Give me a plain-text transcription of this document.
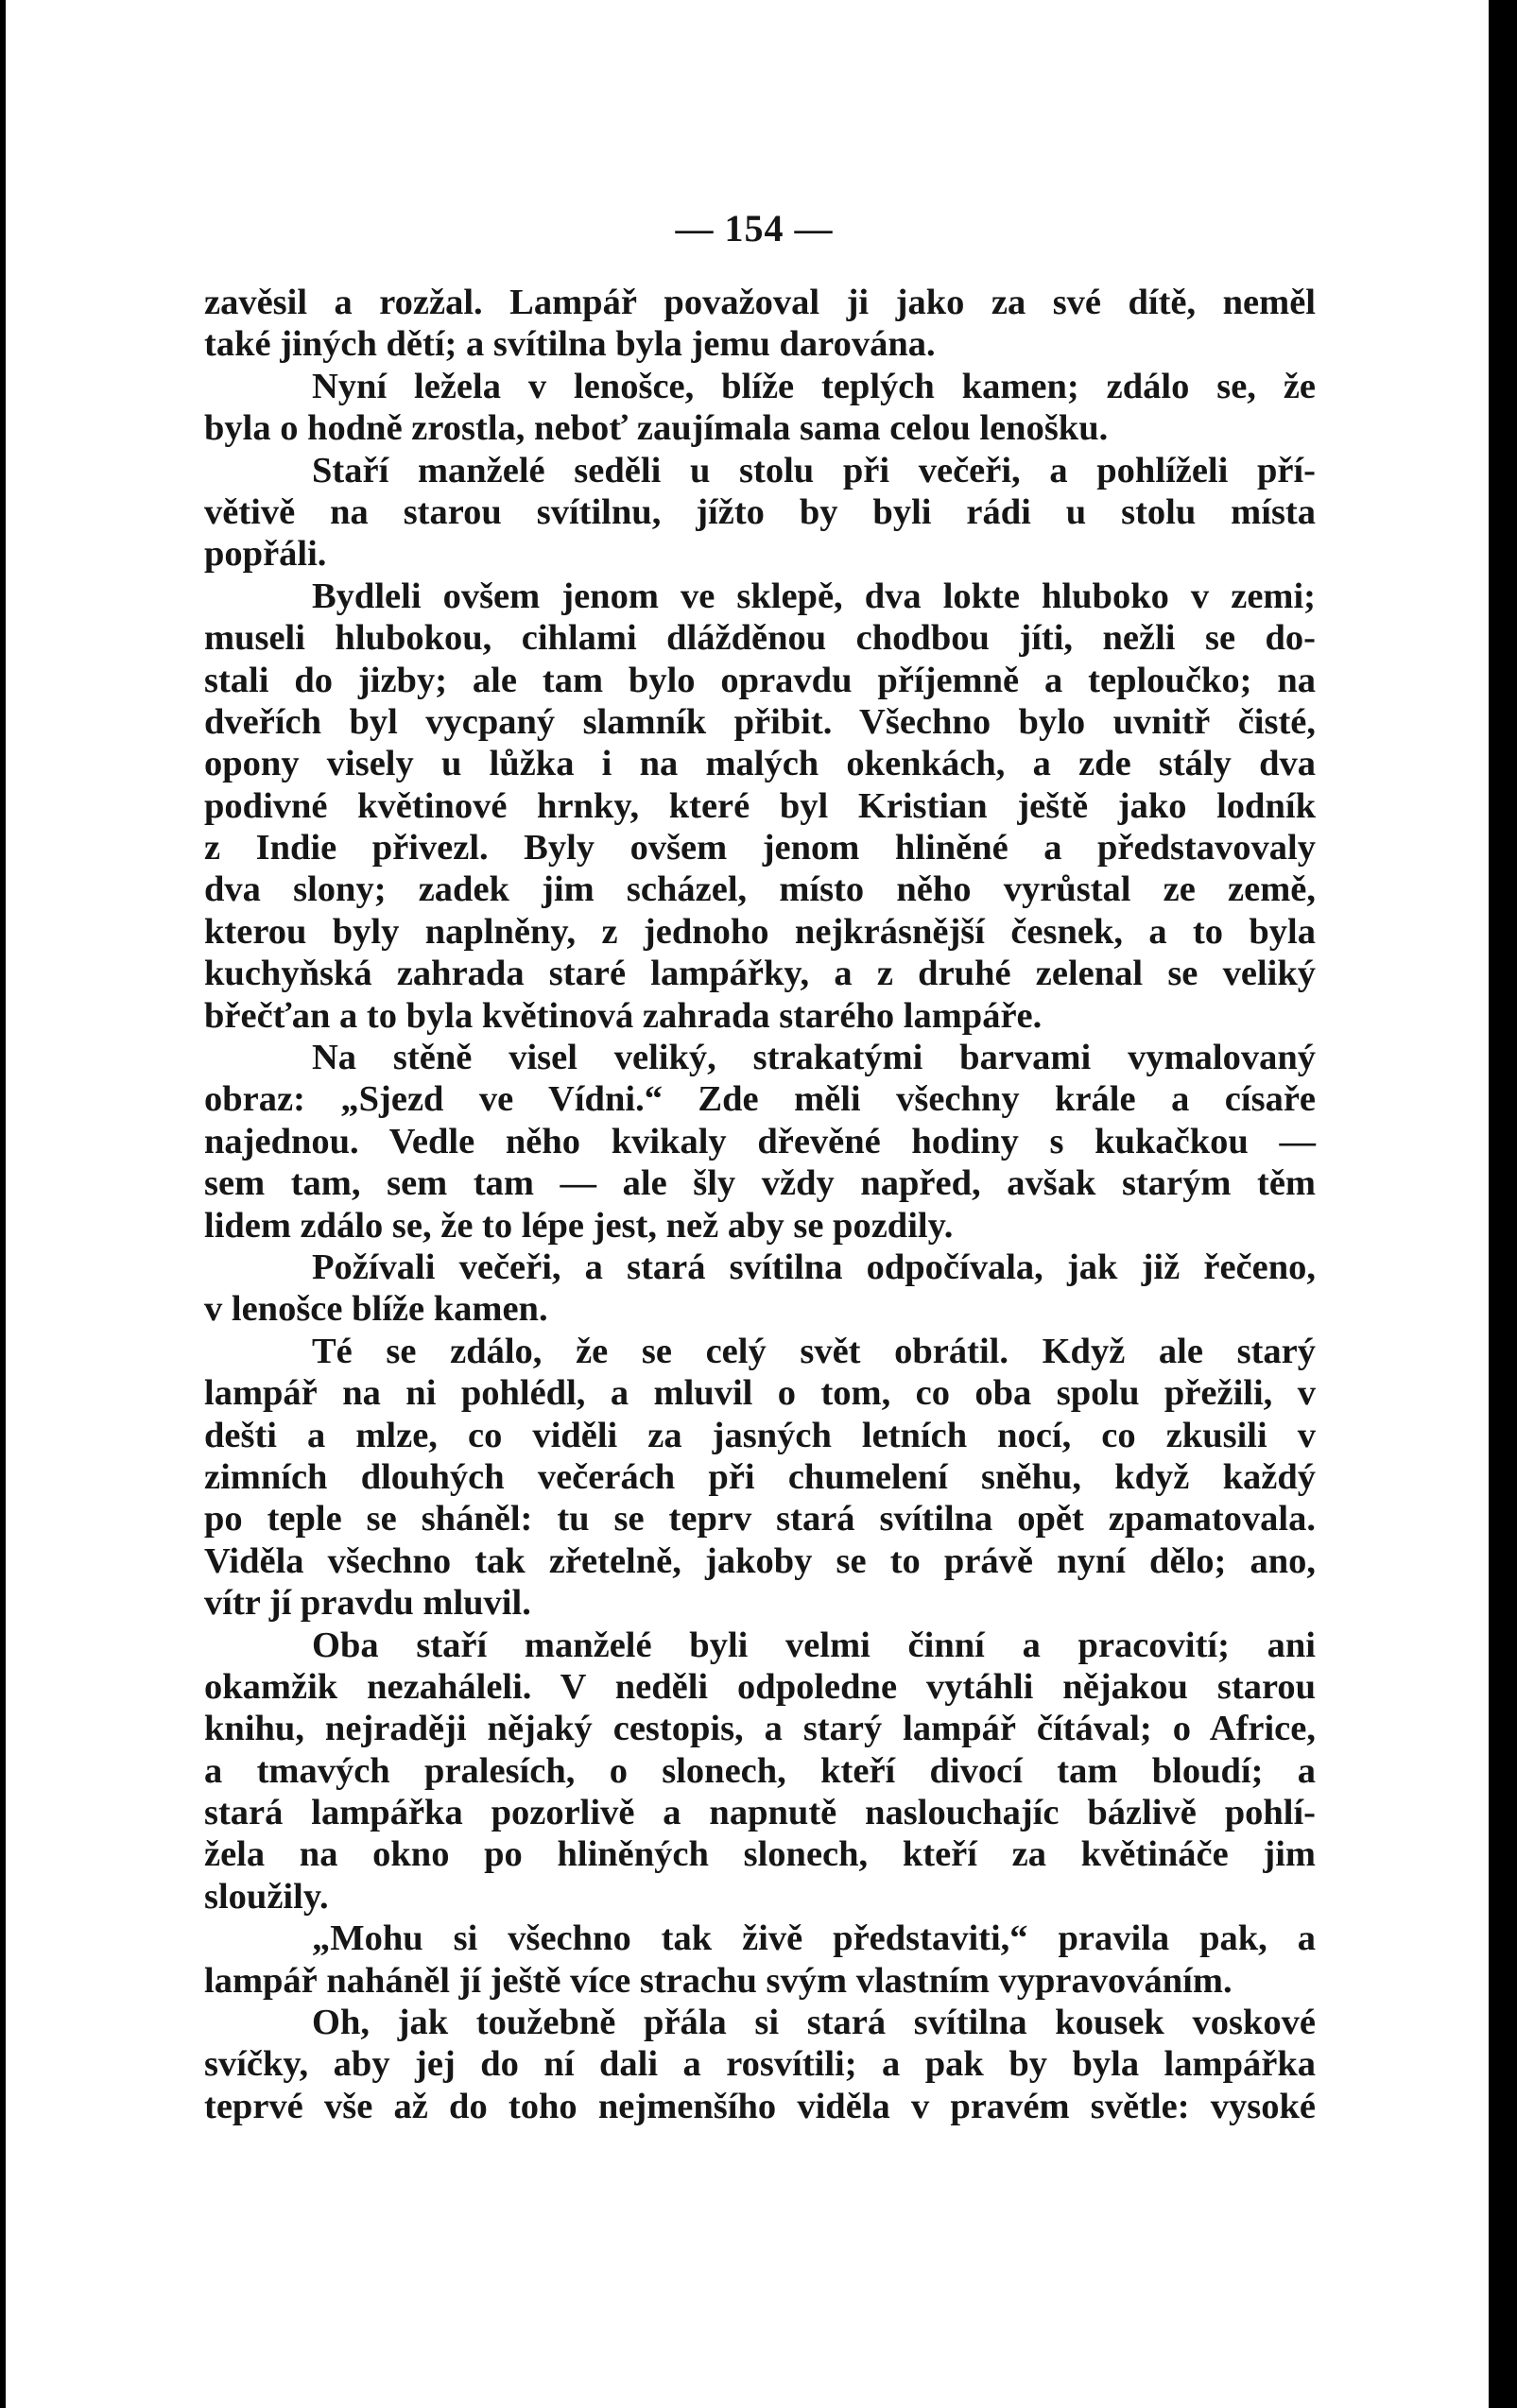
— 154 —
zavěsil a rozžal. Lampář považoval ji jako za své dítě, neměl
také jiných dětí; a svítilna byla jemu darována.
Nyní ležela v lenošce, blíže teplých kamen; zdálo se, že
byla o hodně zrostla, neboť zaujímala sama celou lenošku.
Staří manželé seděli u stolu při večeři, a pohlíželi pří-
větivě na starou svítilnu, jížto by byli rádi u stolu místa
popřáli.
Bydleli ovšem jenom ve sklepě, dva lokte hluboko v zemi;
museli hlubokou, cihlami dlážděnou chodbou jíti, nežli se do-
stali do jizby; ale tam bylo opravdu příjemně a teploučko; na
dveřích byl vycpaný slamník přibit. Všechno bylo uvnitř čisté,
opony visely u lůžka i na malých okenkách, a zde stály dva
podivné květinové hrnky, které byl Kristian ještě jako lodník
z Indie přivezl. Byly ovšem jenom hliněné a představovaly
dva slony; zadek jim scházel, místo něho vyrůstal ze země,
kterou byly naplněny, z jednoho nejkrásnější česnek, a to byla
kuchyňská zahrada staré lampářky, a z druhé zelenal se veliký
břečťan a to byla květinová zahrada starého lampáře.
Na stěně visel veliký, strakatými barvami vymalovaný
obraz: „Sjezd ve Vídni.“ Zde měli všechny krále a císaře
najednou. Vedle něho kvikaly dřevěné hodiny s kukačkou —
sem tam, sem tam — ale šly vždy napřed, avšak starým těm
lidem zdálo se, že to lépe jest, než aby se pozdily.
Požívali večeři, a stará svítilna odpočívala, jak již řečeno,
v lenošce blíže kamen.
Té se zdálo, že se celý svět obrátil. Když ale starý
lampář na ni pohlédl, a mluvil o tom, co oba spolu přežili, v
dešti a mlze, co viděli za jasných letních nocí, co zkusili v
zimních dlouhých večerách při chumelení sněhu, když každý
po teple se sháněl: tu se teprv stará svítilna opět zpamatovala.
Viděla všechno tak zřetelně, jakoby se to právě nyní dělo; ano,
vítr jí pravdu mluvil.
Oba staří manželé byli velmi činní a pracovití; ani
okamžik nezaháleli. V neděli odpoledne vytáhli nějakou starou
knihu, nejraději nějaký cestopis, a starý lampář čítával; o Africe,
a tmavých pralesích, o slonech, kteří divocí tam bloudí; a
stará lampářka pozorlivě a napnutě naslouchajíc bázlivě pohlí-
žela na okno po hliněných slonech, kteří za květináče jim
sloužily.
„Mohu si všechno tak živě představiti,“ pravila pak, a
lampář naháněl jí ještě více strachu svým vlastním vypravováním.
Oh, jak toužebně přála si stará svítilna kousek voskové
svíčky, aby jej do ní dali a rosvítili; a pak by byla lampářka
teprvé vše až do toho nejmenšího viděla v pravém světle: vysoké
